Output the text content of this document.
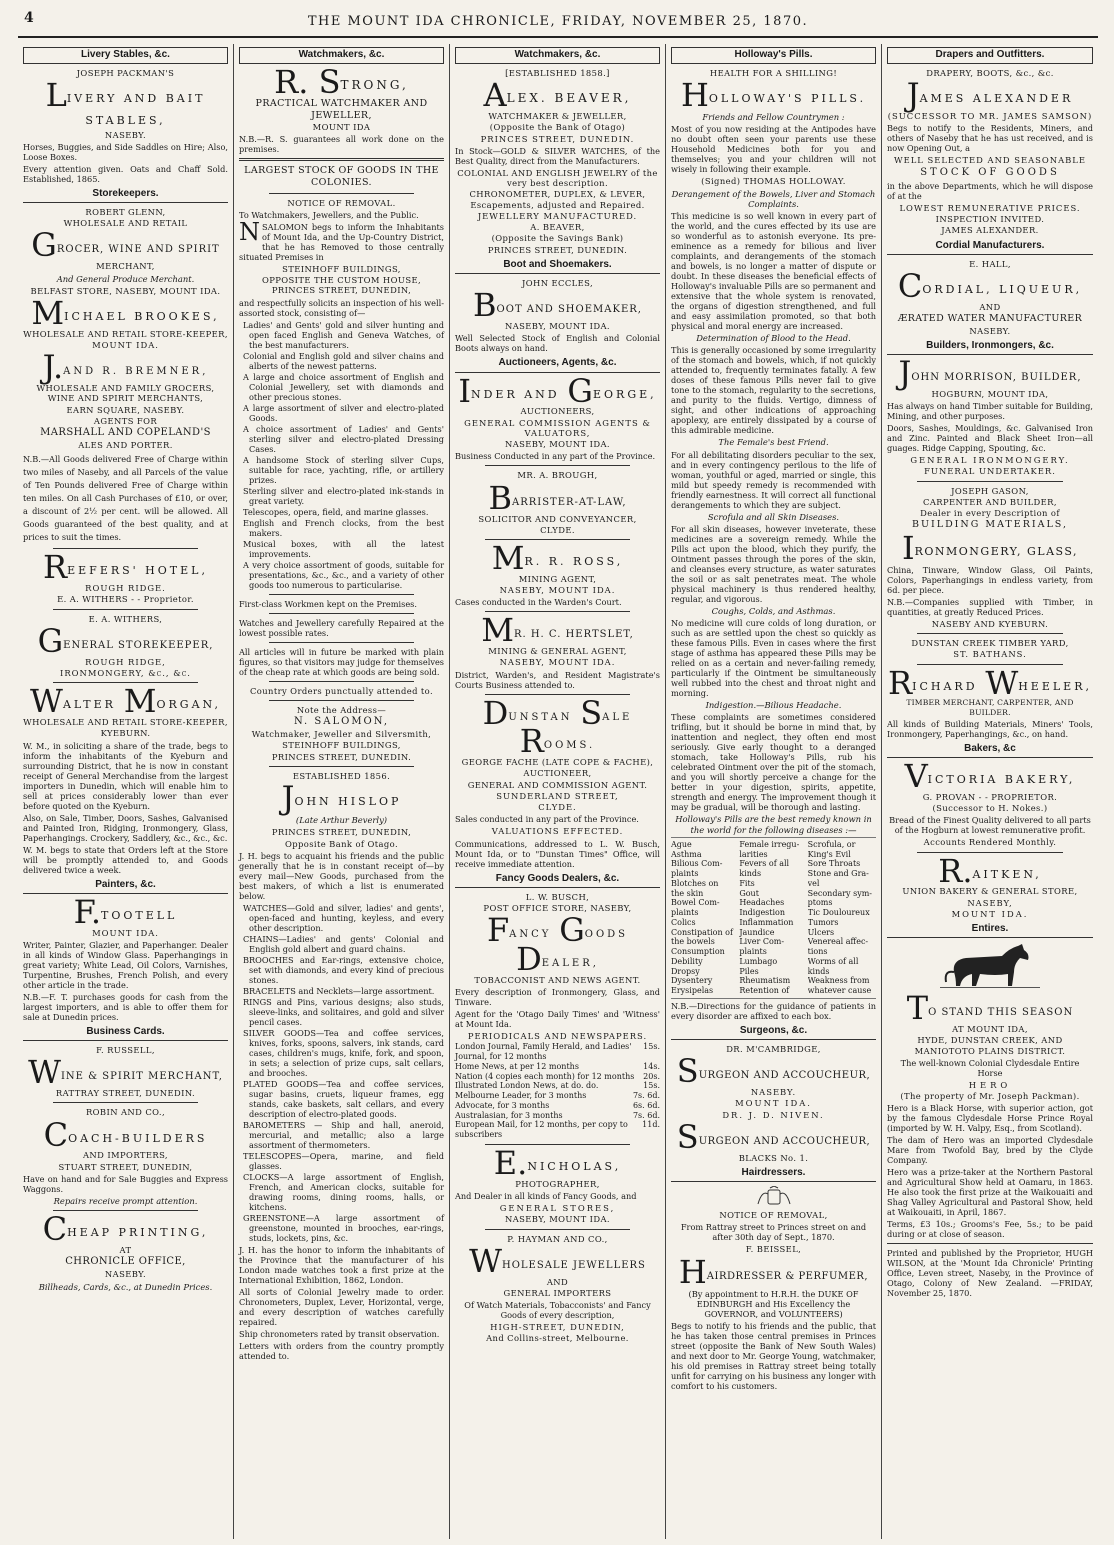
4	THE MOUNT IDA CHRONICLE, FRIDAY, NOVEMBER 25, 1870.
Livery Stables, &c.
JOSEPH PACKMAN'S
LIVERY AND BAIT STABLES,
NASEBY.
Horses, Buggies, and Side Saddles on Hire; Also, Loose Boxes.
Every attention given. Oats and Chaff Sold. Established, 1865.
Storekeepers.
ROBERT GLENN,
WHOLESALE AND RETAIL
GROCER, WINE AND SPIRIT
MERCHANT,
And General Produce Merchant.
BELFAST STORE, NASEBY, MOUNT IDA.
MICHAEL BROOKES,
WHOLESALE AND RETAIL STORE-KEEPER,
MOUNT IDA.
J.AND R. BREMNER,
WHOLESALE AND FAMILY GROCERS, WINE AND SPIRIT MERCHANTS,
EARN SQUARE, NASEBY.
AGENTS FOR
MARSHALL AND COPELAND'S
ALES AND PORTER.
N.B.—All Goods delivered Free of Charge within two miles of Naseby, and all Parcels of the value of Ten Pounds delivered Free of Charge within ten miles. On all Cash Purchases of £10, or over, a discount of 2½ per cent. will be allowed. All Goods guaranteed of the best quality, and at prices to suit the times.
REEFERS' HOTEL,
ROUGH RIDGE.
E. A. WITHERS - - Proprietor.
E. A. WITHERS,
GENERAL STOREKEEPER,
ROUGH RIDGE,
IRONMONGERY, &c., &c.
WALTER MORGAN,
WHOLESALE AND RETAIL STORE-KEEPER,
KYEBURN.
W. M., in soliciting a share of the trade, begs to inform the inhabitants of the Kyeburn and surrounding District, that he is now in constant receipt of General Merchandise from the largest importers in Dunedin, which will enable him to sell at prices considerably lower than ever before quoted on the Kyeburn.
Also, on Sale, Timber, Doors, Sashes, Galvanised and Painted Iron, Ridging, Ironmongery, Glass, Paperhangings. Crockery, Saddlery, &c., &c., &c.
W. M. begs to state that Orders left at the Store will be promptly attended to, and Goods delivered twice a week.
Painters, &c.
F.TOOTELL
MOUNT IDA.
Writer, Painter, Glazier, and Paperhanger. Dealer in all kinds of Window Glass. Paperhangings in great variety; White Lead, Oil Colors, Varnishes, Turpentine, Brushes, French Polish, and every other article in the trade.
N.B.—F. T. purchases goods for cash from the largest importers, and is able to offer them for sale at Dunedin prices.
Business Cards.
F. RUSSELL,
WINE & SPIRIT MERCHANT,
RATTRAY STREET, DUNEDIN.
ROBIN AND CO.,
COACH-BUILDERS
AND IMPORTERS,
STUART STREET, DUNEDIN,
Have on hand and for Sale Buggies and Express Waggons.
Repairs receive prompt attention.
CHEAP PRINTING,
AT
CHRONICLE OFFICE,
NASEBY.
Billheads, Cards, &c., at Dunedin Prices.
Watchmakers, &c.
R. STRONG,
PRACTICAL WATCHMAKER AND JEWELLER,
MOUNT IDA
N.B.—R. S. guarantees all work done on the premises.
LARGEST STOCK OF GOODS IN THE COLONIES.
NOTICE OF REMOVAL.
To Watchmakers, Jewellers, and the Public.
NSALOMON begs to inform the Inhabitants of Mount Ida, and the Up-Country District, that he has Removed to those centrally situated Premises in
STEINHOFF BUILDINGS,
OPPOSITE THE CUSTOM HOUSE, PRINCES STREET, DUNEDIN,
and respectfully solicits an inspection of his well-assorted stock, consisting of—
Ladies' and Gents' gold and silver hunting and open faced English and Geneva Watches, of the best manufacturers.
Colonial and English gold and silver chains and alberts of the newest patterns.
A large and choice assortment of English and Colonial Jewellery, set with diamonds and other precious stones.
A large assortment of silver and electro-plated Goods.
A choice assortment of Ladies' and Gents' sterling silver and electro-plated Dressing Cases.
A handsome Stock of sterling silver Cups, suitable for race, yachting, rifle, or artillery prizes.
Sterling silver and electro-plated ink-stands in great variety.
Telescopes, opera, field, and marine glasses.
English and French clocks, from the best makers.
Musical boxes, with all the latest improvements.
A very choice assortment of goods, suitable for presentations, &c., &c., and a variety of other goods too numerous to particularise.
First-class Workmen kept on the Premises.
Watches and Jewellery carefully Repaired at the lowest possible rates.
All articles will in future be marked with plain figures, so that visitors may judge for themselves of the cheap rate at which goods are being sold.
Country Orders punctually attended to.
Note the Address—
N. SALOMON,
Watchmaker, Jeweller and Silversmith,
STEINHOFF BUILDINGS,
PRINCES STREET, DUNEDIN.
ESTABLISHED 1856.
JOHN HISLOP
(Late Arthur Beverly)
PRINCES STREET, DUNEDIN,
Opposite Bank of Otago.
J. H. begs to acquaint his friends and the public generally that he is in constant receipt of—by every mail—New Goods, purchased from the best makers, of which a list is enumerated below.
WATCHES—Gold and silver, ladies' and gents', open-faced and hunting, keyless, and every other description.
CHAINS—Ladies' and gents' Colonial and English gold albert and guard chains.
BROOCHES and Ear-rings, extensive choice, set with diamonds, and every kind of precious stones.
BRACELETS and Necklets—large assortment.
RINGS and Pins, various designs; also studs, sleeve-links, and solitaires, and gold and silver pencil cases.
SILVER GOODS—Tea and coffee services, knives, forks, spoons, salvers, ink stands, card cases, children's mugs, knife, fork, and spoon, in sets; a selection of prize cups, salt cellars, and brooches.
PLATED GOODS—Tea and coffee services, sugar basins, cruets, liqueur frames, egg stands, cake baskets, salt cellars, and every description of electro-plated goods.
BAROMETERS — Ship and hall, aneroid, mercurial, and metallic; also a large assortment of thermometers.
TELESCOPES—Opera, marine, and field glasses.
CLOCKS—A large assortment of English, French, and American clocks, suitable for drawing rooms, dining rooms, halls, or kitchens.
GREENSTONE—A large assortment of greenstone, mounted in brooches, ear-rings, studs, lockets, pins, &c.
J. H. has the honor to inform the inhabitants of the Province that the manufacturer of his London made watches took a first prize at the International Exhibition, 1862, London.
All sorts of Colonial Jewelry made to order. Chronometers, Duplex, Lever, Horizontal, verge, and every description of watches carefully repaired.
Ship chronometers rated by transit observation.
Letters with orders from the country promptly attended to.
Watchmakers, &c.
[ESTABLISHED 1858.]
ALEX. BEAVER,
WATCHMAKER & JEWELLER,
(Opposite the Bank of Otago)
PRINCES STREET, DUNEDIN.
In Stock—GOLD & SILVER WATCHES, of the Best Quality, direct from the Manufacturers.
COLONIAL AND ENGLISH JEWELRY of the very best description.
CHRONOMETER, DUPLEX, & LEVER, Escapements, adjusted and Repaired.
JEWELLERY MANUFACTURED.
A. BEAVER,
(Opposite the Savings Bank)
PRINCES STREET, DUNEDIN.
Boot and Shoemakers.
JOHN ECCLES,
BOOT AND SHOEMAKER,
NASEBY, MOUNT IDA.
Well Selected Stock of English and Colonial Boots always on hand.
Auctioneers, Agents, &c.
INDER AND GEORGE,
AUCTIONEERS,
GENERAL COMMISSION AGENTS & VALUATORS,
NASEBY, MOUNT IDA.
Business Conducted in any part of the Province.
MR. A. BROUGH,
BARRISTER-AT-LAW,
SOLICITOR AND CONVEYANCER,
CLYDE.
MR. R. ROSS,
MINING AGENT,
NASEBY, MOUNT IDA.
Cases conducted in the Warden's Court.
MR. H. C. HERTSLET,
MINING & GENERAL AGENT,
NASEBY, MOUNT IDA.
District, Warden's, and Resident Magistrate's Courts Business attended to.
DUNSTAN SALE ROOMS.
GEORGE FACHE (LATE COPE & FACHE),
AUCTIONEER,
GENERAL AND COMMISSION AGENT.
SUNDERLAND STREET,
CLYDE.
Sales conducted in any part of the Province.
VALUATIONS EFFECTED.
Communications, addressed to L. W. Busch, Mount Ida, or to "Dunstan Times" Office, will receive immediate attention.
Fancy Goods Dealers, &c.
L. W. BUSCH,
POST OFFICE STORE, NASEBY,
FANCY GOODS DEALER,
TOBACCONIST AND NEWS AGENT.
Every description of Ironmongery, Glass, and Tinware.
Agent for the 'Otago Daily Times' and 'Witness' at Mount Ida.
PERIODICALS AND NEWSPAPERS.
London Journal, Family Herald, and Ladies' Journal, for 12 months
15s.
Home News, at per 12 months	14s.
Nation (4 copies each month) for 12 months 20s.
Illustrated London News, at do. do.	15s.
Melbourne Leader, for 3 months	7s. 6d.
Advocate, for 3 months	6s. 6d.
Australasian, for 3 months	7s. 6d.
European Mail, for 12 months, per copy to subscribers
11d.
E.NICHOLAS,
PHOTOGRAPHER,
And Dealer in all kinds of Fancy Goods, and
GENERAL STORES,
NASEBY, MOUNT IDA.
P. HAYMAN AND CO.,
WHOLESALE JEWELLERS
AND
GENERAL IMPORTERS
Of Watch Materials, Tobacconists' and Fancy Goods of every description,
HIGH-STREET, DUNEDIN,
And Collins-street, Melbourne.
Holloway's Pills.
HEALTH FOR A SHILLING!
HOLLOWAY'S PILLS.
Friends and Fellow Countrymen :
Most of you now residing at the Antipodes have no doubt often seen your parents use these Household Medicines both for you and themselves; you and your children will not wisely in following their example.
(Signed) THOMAS HOLLOWAY.
Derangement of the Bowels, Liver and Stomach Complaints.
This medicine is so well known in every part of the world, and the cures effected by its use are so wonderful as to astonish everyone. Its pre-eminence as a remedy for bilious and liver complaints, and derangements of the stomach and bowels, is no longer a matter of dispute or doubt. In these diseases the beneficial effects of Holloway's invaluable Pills are so permanent and extensive that the whole system is renovated, the organs of digestion strengthened, and full and easy assimilation promoted, so that both physical and moral energy are increased.
Determination of Blood to the Head.
This is generally occasioned by some irregularity of the stomach and bowels, which, if not quickly attended to, frequently terminates fatally. A few doses of these famous Pills never fail to give tone to the stomach, regularity to the secretions, and purity to the fluids. Vertigo, dimness of sight, and other indications of approaching apoplexy, are entirely dissipated by a course of this admirable medicine.
The Female's best Friend.
For all debilitating disorders peculiar to the sex, and in every contingency perilous to the life of woman, youthful or aged, married or single, this mild but speedy remedy is recommended with friendly earnestness. It will correct all functional derangements to which they are subject.
Scrofula and all Skin Diseases.
For all skin diseases, however inveterate, these medicines are a sovereign remedy. While the Pills act upon the blood, which they purify, the Ointment passes through the pores of the skin, and cleanses every structure, as water saturates the soil or as salt penetrates meat. The whole physical machinery is thus rendered healthy, regular, and vigorous.
Coughs, Colds, and Asthmas.
No medicine will cure colds of long duration, or such as are settled upon the chest so quickly as these famous Pills. Even in cases where the first stage of asthma has appeared these Pills may be relied on as a certain and never-failing remedy, particularly if the Ointment be simultaneously well rubbed into the chest and throat night and morning.
Indigestion.—Bilious Headache.
These complaints are sometimes considered trifling, but it should be borne in mind that, by inattention and neglect, they often end most seriously. Give early thought to a deranged stomach, take Holloway's Pills, rub his celebrated Ointment over the pit of the stomach, and you will shortly perceive a change for the better in your digestion, spirits, appetite, strength and energy. The improvement though it may be gradual, will be thorough and lasting.
Holloway's Pills are the best remedy known in the world for the following diseases :—
Ague	Female irregu-	Scrofula, or
Asthma	larities	King's Evil
Bilious Com-	Fevers of all	Sore Throats
plaints	kinds	Stone and Gra-
Blotches on	Fits	vel
the skin	Gout	Secondary sym-
Bowel Com-	Headaches	ptoms
plaints	Indigestion	Tic Douloureux
Colics	Inflammation	Tumors
Constipation of Jaundice	Ulcers
the bowels	Liver Com-	Venereal affec-
Consumption	plaints	tions
Debility	Lumbago	Worms of all
Dropsy	Piles	kinds
Dysentery	Rheumatism	Weakness from
Erysipelas	Retention of	whatever cause
N.B.—Directions for the guidance of patients in every disorder are affixed to each box.
Surgeons, &c.
DR. M'CAMBRIDGE,
SURGEON AND ACCOUCHEUR,
NASEBY.
MOUNT IDA.
DR. J. D. NIVEN.
SURGEON AND ACCOUCHEUR,
BLACKS No. 1.
Hairdressers.
NOTICE OF REMOVAL,
From Rattray street to Princes street on and after 30th day of Sept., 1870.
F. BEISSEL,
HAIRDRESSER & PERFUMER,
(By appointment to H.R.H. the DUKE OF EDINBURGH and His Excellency the GOVERNOR, and VOLUNTEERS)
Begs to notify to his friends and the public, that he has taken those central premises in Princes street (opposite the Bank of New South Wales) and next door to Mr. George Young, watchmaker, his old premises in Rattray street being totally unfit for carrying on his business any longer with comfort to his customers.
Drapers and Outfitters.
DRAPERY, BOOTS, &c., &c.
JAMES ALEXANDER
(SUCCESSOR TO MR. JAMES SAMSON)
Begs to notify to the Residents, Miners, and others of Naseby that he has ust received, and is now Opening Out, a
WELL SELECTED AND SEASONABLE
STOCK OF GOODS
in the above Departments, which he will dispose of at the
LOWEST REMUNERATIVE PRICES.
INSPECTION INVITED.
JAMES ALEXANDER.
Cordial Manufacturers.
E. HALL,
CORDIAL, LIQUEUR,
AND
ÆRATED WATER MANUFACTURER
NASEBY.
Builders, Ironmongers, &c.
JOHN MORRISON, BUILDER,
HOGBURN, MOUNT IDA,
Has always on hand Timber suitable for Building, Mining, and other purposes.
Doors, Sashes, Mouldings, &c. Galvanised Iron and Zinc. Painted and Black Sheet Iron—all guages. Ridge Capping, Spouting, &c.
GENERAL IRONMONGERY.
FUNERAL UNDERTAKER.
JOSEPH GASON,
CARPENTER AND BUILDER,
Dealer in every Description of
BUILDING MATERIALS,
IRONMONGERY, GLASS,
China, Tinware, Window Glass, Oil Paints, Colors, Paperhangings in endless variety, from 6d. per piece.
N.B.—Companies supplied with Timber, in quantities, at greatly Reduced Prices.
NASEBY AND KYEBURN.
DUNSTAN CREEK TIMBER YARD,
ST. BATHANS.
RICHARD WHEELER,
TIMBER MERCHANT, CARPENTER, AND BUILDER.
All kinds of Building Materials, Miners' Tools, Ironmongery, Paperhangings, &c., on hand.
Bakers, &c
VICTORIA BAKERY,
G. PROVAN - - PROPRIETOR.
(Successor to H. Nokes.)
Bread of the Finest Quality delivered to all parts of the Hogburn at lowest remunerative profit.
Accounts Rendered Monthly.
R.AITKEN,
UNION BAKERY & GENERAL STORE,
NASEBY,
MOUNT IDA.
Entires.
TO STAND THIS SEASON
AT MOUNT IDA,
HYDE, DUNSTAN CREEK, AND MANIOTOTO PLAINS DISTRICT.
The well-known Colonial Clydesdale Entire Horse
HERO
(The property of Mr. Joseph Packman).
Hero is a Black Horse, with superior action, got by the famous Clydesdale Horse Prince Royal (imported by W. H. Valpy, Esq., from Scotland).
The dam of Hero was an imported Clydesdale Mare from Twofold Bay, bred by the Clyde Company.
Hero was a prize-taker at the Northern Pastoral and Agricultural Show held at Oamaru, in 1863. He also took the first prize at the Waikouaiti and Shag Valley Agricultural and Pastoral Show, held at Waikouaiti, in April, 1867.
Terms, £3 10s.; Grooms's Fee, 5s.; to be paid during or at close of season.
Printed and published by the Proprietor, HUGH WILSON, at the 'Mount Ida Chronicle' Printing Office, Leven street, Naseby, in the Province of Otago, Colony of New Zealand. —FRIDAY, November 25, 1870.
